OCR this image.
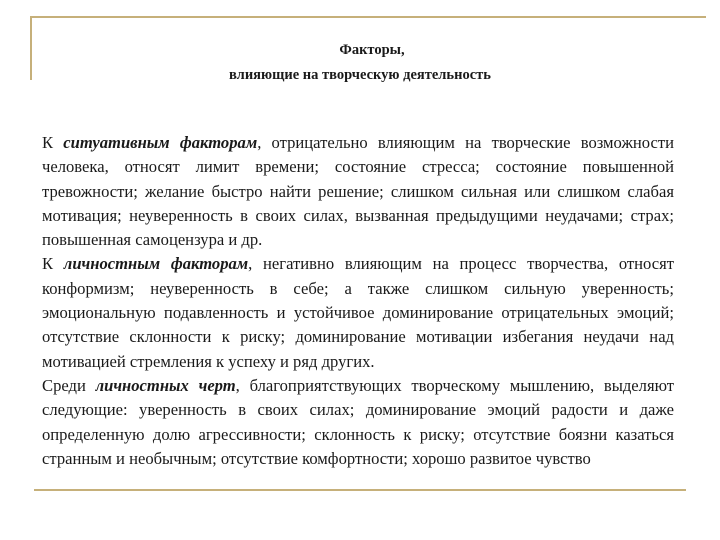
Факторы,
влияющие на творческую деятельность

К ситуативным факторам, отрицательно влияющим на творческие возможности человека, относят лимит времени; состояние стресса; состояние повышенной тревожности; желание быстро найти решение; слишком сильная или слишком слабая мотивация; неуверенность в своих силах, вызванная предыдущими неудачами; страх; повышенная самоцензура и др.

К личностным факторам, негативно влияющим на процесс творчества, относят конформизм; неуверенность в себе; а также слишком сильную уверенность; эмоциональную подавленность и устойчивое доминирование отрицательных эмоций; отсутствие склонности к риску; доминирование мотивации избегания неудачи над мотивацией стремления к успеху и ряд других.

Среди личностных черт, благоприятствующих творческому мышлению, выделяют следующие: уверенность в своих силах; доминирование эмоций радости и даже определенную долю агрессивности; склонность к риску; отсутствие боязни казаться странным и необычным; отсутствие комфортности; хорошо развитое чувство
